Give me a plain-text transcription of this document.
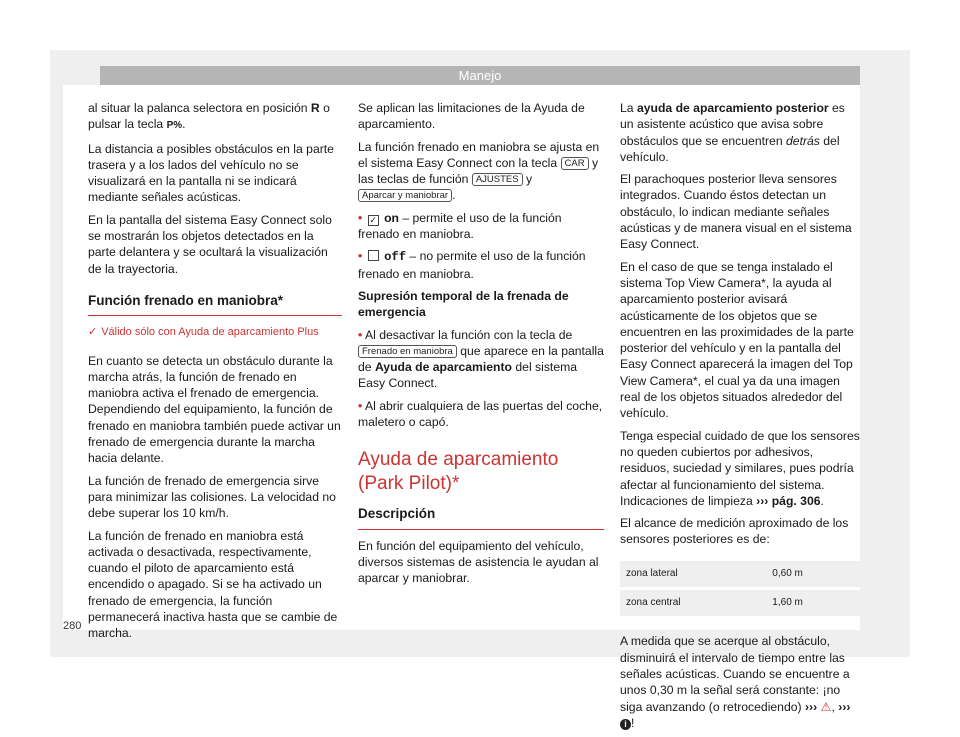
Manejo

al situar la palanca selectora en posición R o pulsar la tecla P%.

La distancia a posibles obstáculos en la parte trasera y a los lados del vehículo no se visualizará en la pantalla ni se indicará mediante señales acústicas.

En la pantalla del sistema Easy Connect solo se mostrarán los objetos detectados en la parte delantera y se ocultará la visualización de la trayectoria.

Función frenado en maniobra*
✓ Válido sólo con Ayuda de aparcamiento Plus

En cuanto se detecta un obstáculo durante la marcha atrás, la función de frenado en maniobra activa el frenado de emergencia. Dependiendo del equipamiento, la función de frenado en maniobra también puede activar un frenado de emergencia durante la marcha hacia delante.

La función de frenado de emergencia sirve para minimizar las colisiones. La velocidad no debe superar los 10 km/h.

La función de frenado en maniobra está activada o desactivada, respectivamente, cuando el piloto de aparcamiento está encendido o apagado. Si se ha activado un frenado de emergencia, la función permanecerá inactiva hasta que se cambie de marcha.

Se aplican las limitaciones de la Ayuda de aparcamiento.

La función frenado en maniobra se ajusta en el sistema Easy Connect con la tecla CAR y las teclas de función AJUSTES y Aparcar y maniobrar .

• ✓ on – permite el uso de la función frenado en maniobra.

• off – no permite el uso de la función frenado en maniobra.

Supresión temporal de la frenada de emergencia

• Al desactivar la función con la tecla de Frenado en maniobra que aparece en la pantalla de Ayuda de aparcamiento del sistema Easy Connect.

• Al abrir cualquiera de las puertas del coche, maletero o capó.

Ayuda de aparcamiento (Park Pilot)*
Descripción

En función del equipamiento del vehículo, diversos sistemas de asistencia le ayudan al aparcar y maniobrar.

La ayuda de aparcamiento posterior es un asistente acústico que avisa sobre obstáculos que se encuentren detrás del vehículo.

El parachoques posterior lleva sensores integrados. Cuando éstos detectan un obstáculo, lo indican mediante señales acústicas y de manera visual en el sistema Easy Connect.

En el caso de que se tenga instalado el sistema Top View Camera*, la ayuda al aparcamiento posterior avisará acústicamente de los objetos que se encuentren en las proximidades de la parte posterior del vehículo y en la pantalla del Easy Connect aparecerá la imagen del Top View Camera*, el cual ya da una imagen real de los objetos situados alrededor del vehículo.

Tenga especial cuidado de que los sensores no queden cubiertos por adhesivos, residuos, suciedad y similares, pues podría afectar al funcionamiento del sistema. Indicaciones de limpieza ››› pág. 306.

El alcance de medición aproximado de los sensores posteriores es de:

zona lateral	0,60 m
zona central	1,60 m

A medida que se acerque al obstáculo, disminuirá el intervalo de tiempo entre las señales acústicas. Cuando se encuentre a unos 0,30 m la señal será constante: ¡no siga avanzando (o retrocediendo) ››› ⚠, ››› i !

280
